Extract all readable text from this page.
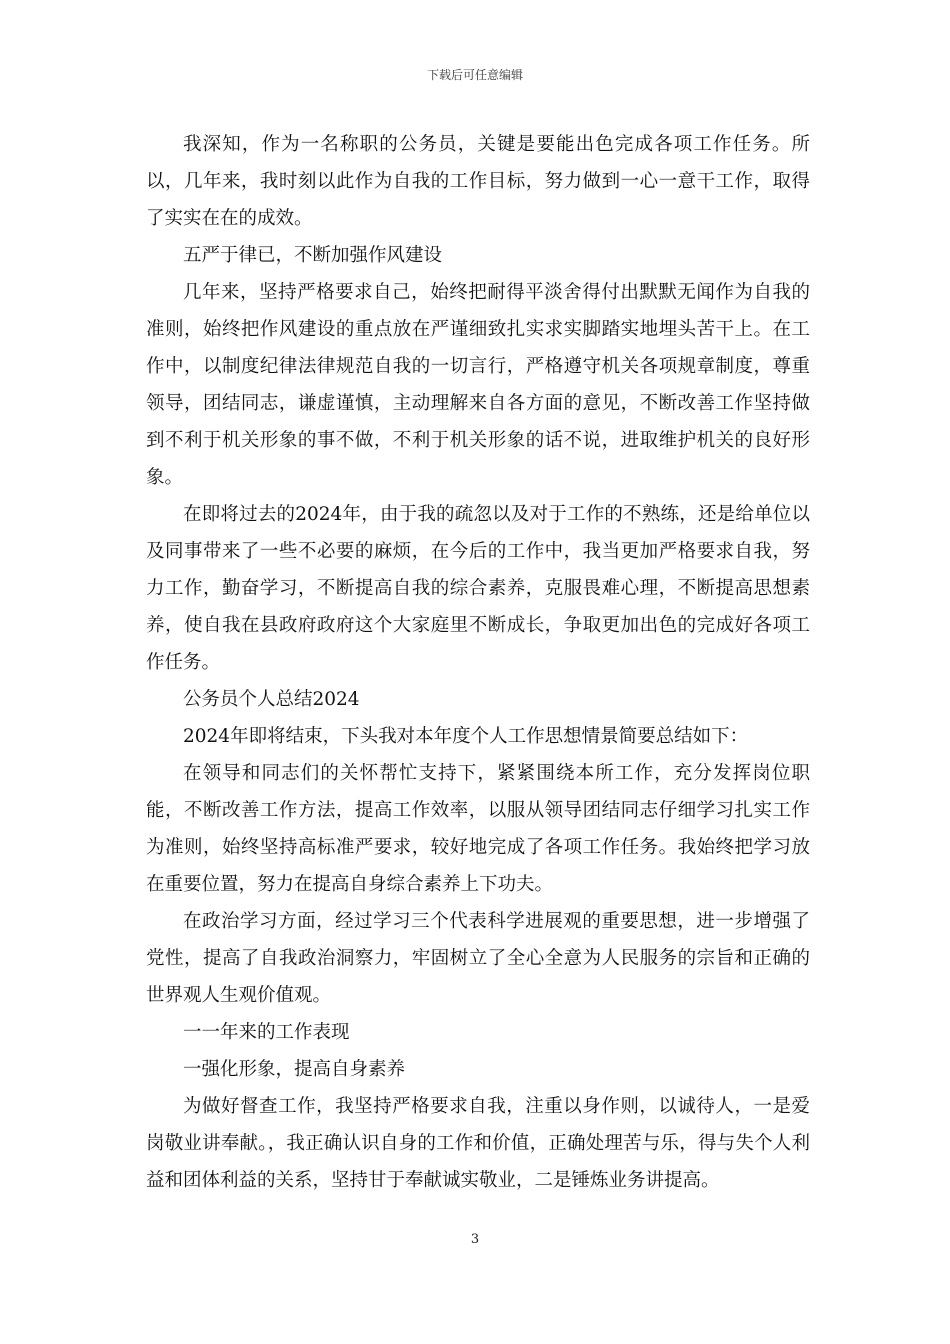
下载后可任意编辑

我深知，作为一名称职的公务员，关键是要能出色完成各项工作任务。所以，几年来，我时刻以此作为自我的工作目标，努力做到一心一意干工作，取得了实实在在的成效。

五严于律已，不断加强作风建设

几年来，坚持严格要求自己，始终把耐得平淡舍得付出默默无闻作为自我的准则，始终把作风建设的重点放在严谨细致扎实求实脚踏实地埋头苦干上。在工作中，以制度纪律法律规范自我的一切言行，严格遵守机关各项规章制度，尊重领导，团结同志，谦虚谨慎，主动理解来自各方面的意见，不断改善工作坚持做到不利于机关形象的事不做，不利于机关形象的话不说，进取维护机关的良好形象。

在即将过去的2024年，由于我的疏忽以及对于工作的不熟练，还是给单位以及同事带来了一些不必要的麻烦，在今后的工作中，我当更加严格要求自我，努力工作，勤奋学习，不断提高自我的综合素养，克服畏难心理，不断提高思想素养，使自我在县政府政府这个大家庭里不断成长，争取更加出色的完成好各项工作任务。

公务员个人总结2024

2024年即将结束，下头我对本年度个人工作思想情景简要总结如下：

在领导和同志们的关怀帮忙支持下，紧紧围绕本所工作，充分发挥岗位职能，不断改善工作方法，提高工作效率，以服从领导团结同志仔细学习扎实工作为准则，始终坚持高标准严要求，较好地完成了各项工作任务。我始终把学习放在重要位置，努力在提高自身综合素养上下功夫。

在政治学习方面，经过学习三个代表科学进展观的重要思想，进一步增强了党性，提高了自我政治洞察力，牢固树立了全心全意为人民服务的宗旨和正确的世界观人生观价值观。

一一年来的工作表现

一强化形象，提高自身素养

为做好督查工作，我坚持严格要求自我，注重以身作则，以诚待人，一是爱岗敬业讲奉献。，我正确认识自身的工作和价值，正确处理苦与乐，得与失个人利益和团体利益的关系，坚持甘于奉献诚实敬业，二是锤炼业务讲提高。

3
